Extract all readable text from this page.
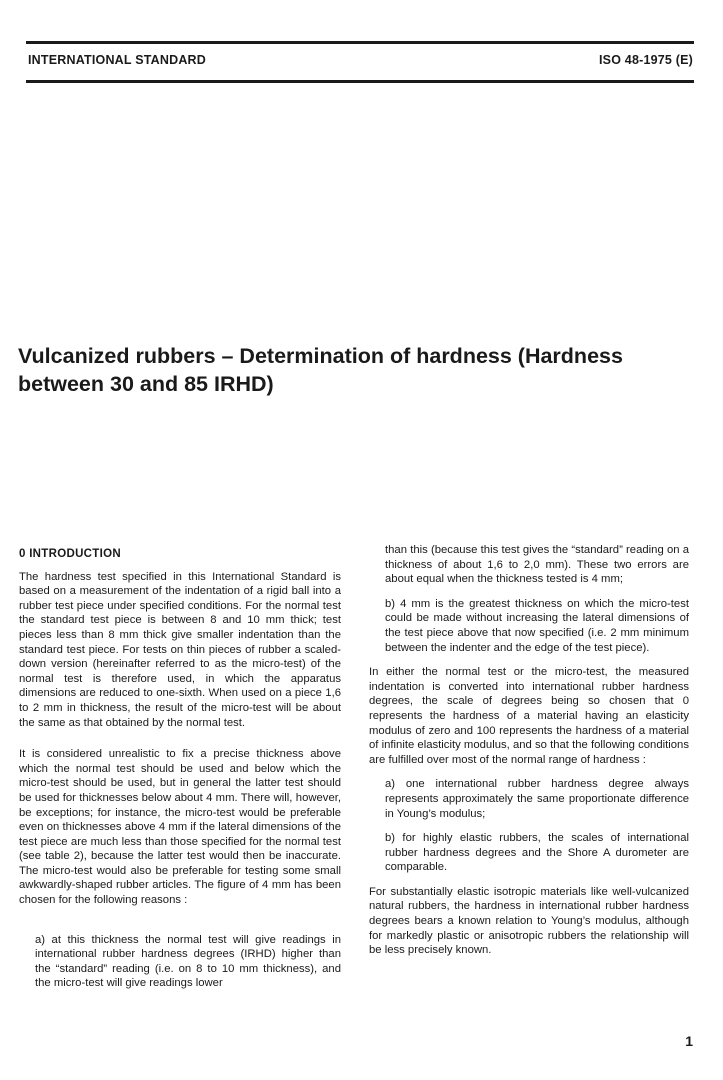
INTERNATIONAL STANDARD	ISO 48-1975 (E)
Vulcanized rubbers – Determination of hardness (Hardness
between 30 and 85 IRHD)
0 INTRODUCTION

The hardness test specified in this International Standard is based on a measurement of the indentation of a rigid ball into a rubber test piece under specified conditions. For the normal test the standard test piece is between 8 and 10 mm thick; test pieces less than 8 mm thick give smaller indentation than the standard test piece. For tests on thin pieces of rubber a scaled-down version (hereinafter referred to as the micro-test) of the normal test is therefore used, in which the apparatus dimensions are reduced to one-sixth. When used on a piece 1,6 to 2 mm in thickness, the result of the micro-test will be about the same as that obtained by the normal test.

It is considered unrealistic to fix a precise thickness above which the normal test should be used and below which the micro-test should be used, but in general the latter test should be used for thicknesses below about 4 mm. There will, however, be exceptions; for instance, the micro-test would be preferable even on thicknesses above 4 mm if the lateral dimensions of the test piece are much less than those specified for the normal test (see table 2), because the latter test would then be inaccurate. The micro-test would also be preferable for testing some small awkwardly-shaped rubber articles. The figure of 4 mm has been chosen for the following reasons :

a) at this thickness the normal test will give readings in international rubber hardness degrees (IRHD) higher than the “standard” reading (i.e. on 8 to 10 mm thickness), and the micro-test will give readings lower

than this (because this test gives the “standard” reading on a thickness of about 1,6 to 2,0 mm). These two errors are about equal when the thickness tested is 4 mm;

b) 4 mm is the greatest thickness on which the micro-test could be made without increasing the lateral dimensions of the test piece above that now specified (i.e. 2 mm minimum between the indenter and the edge of the test piece).

In either the normal test or the micro-test, the measured indentation is converted into international rubber hardness degrees, the scale of degrees being so chosen that 0 represents the hardness of a material having an elasticity modulus of zero and 100 represents the hardness of a material of infinite elasticity modulus, and so that the following conditions are fulfilled over most of the normal range of hardness :

a) one international rubber hardness degree always represents approximately the same proportionate difference in Young’s modulus;

b) for highly elastic rubbers, the scales of international rubber hardness degrees and the Shore A durometer are comparable.

For substantially elastic isotropic materials like well-vulcanized natural rubbers, the hardness in international rubber hardness degrees bears a known relation to Young’s modulus, although for markedly plastic or anisotropic rubbers the relationship will be less precisely known.

1
